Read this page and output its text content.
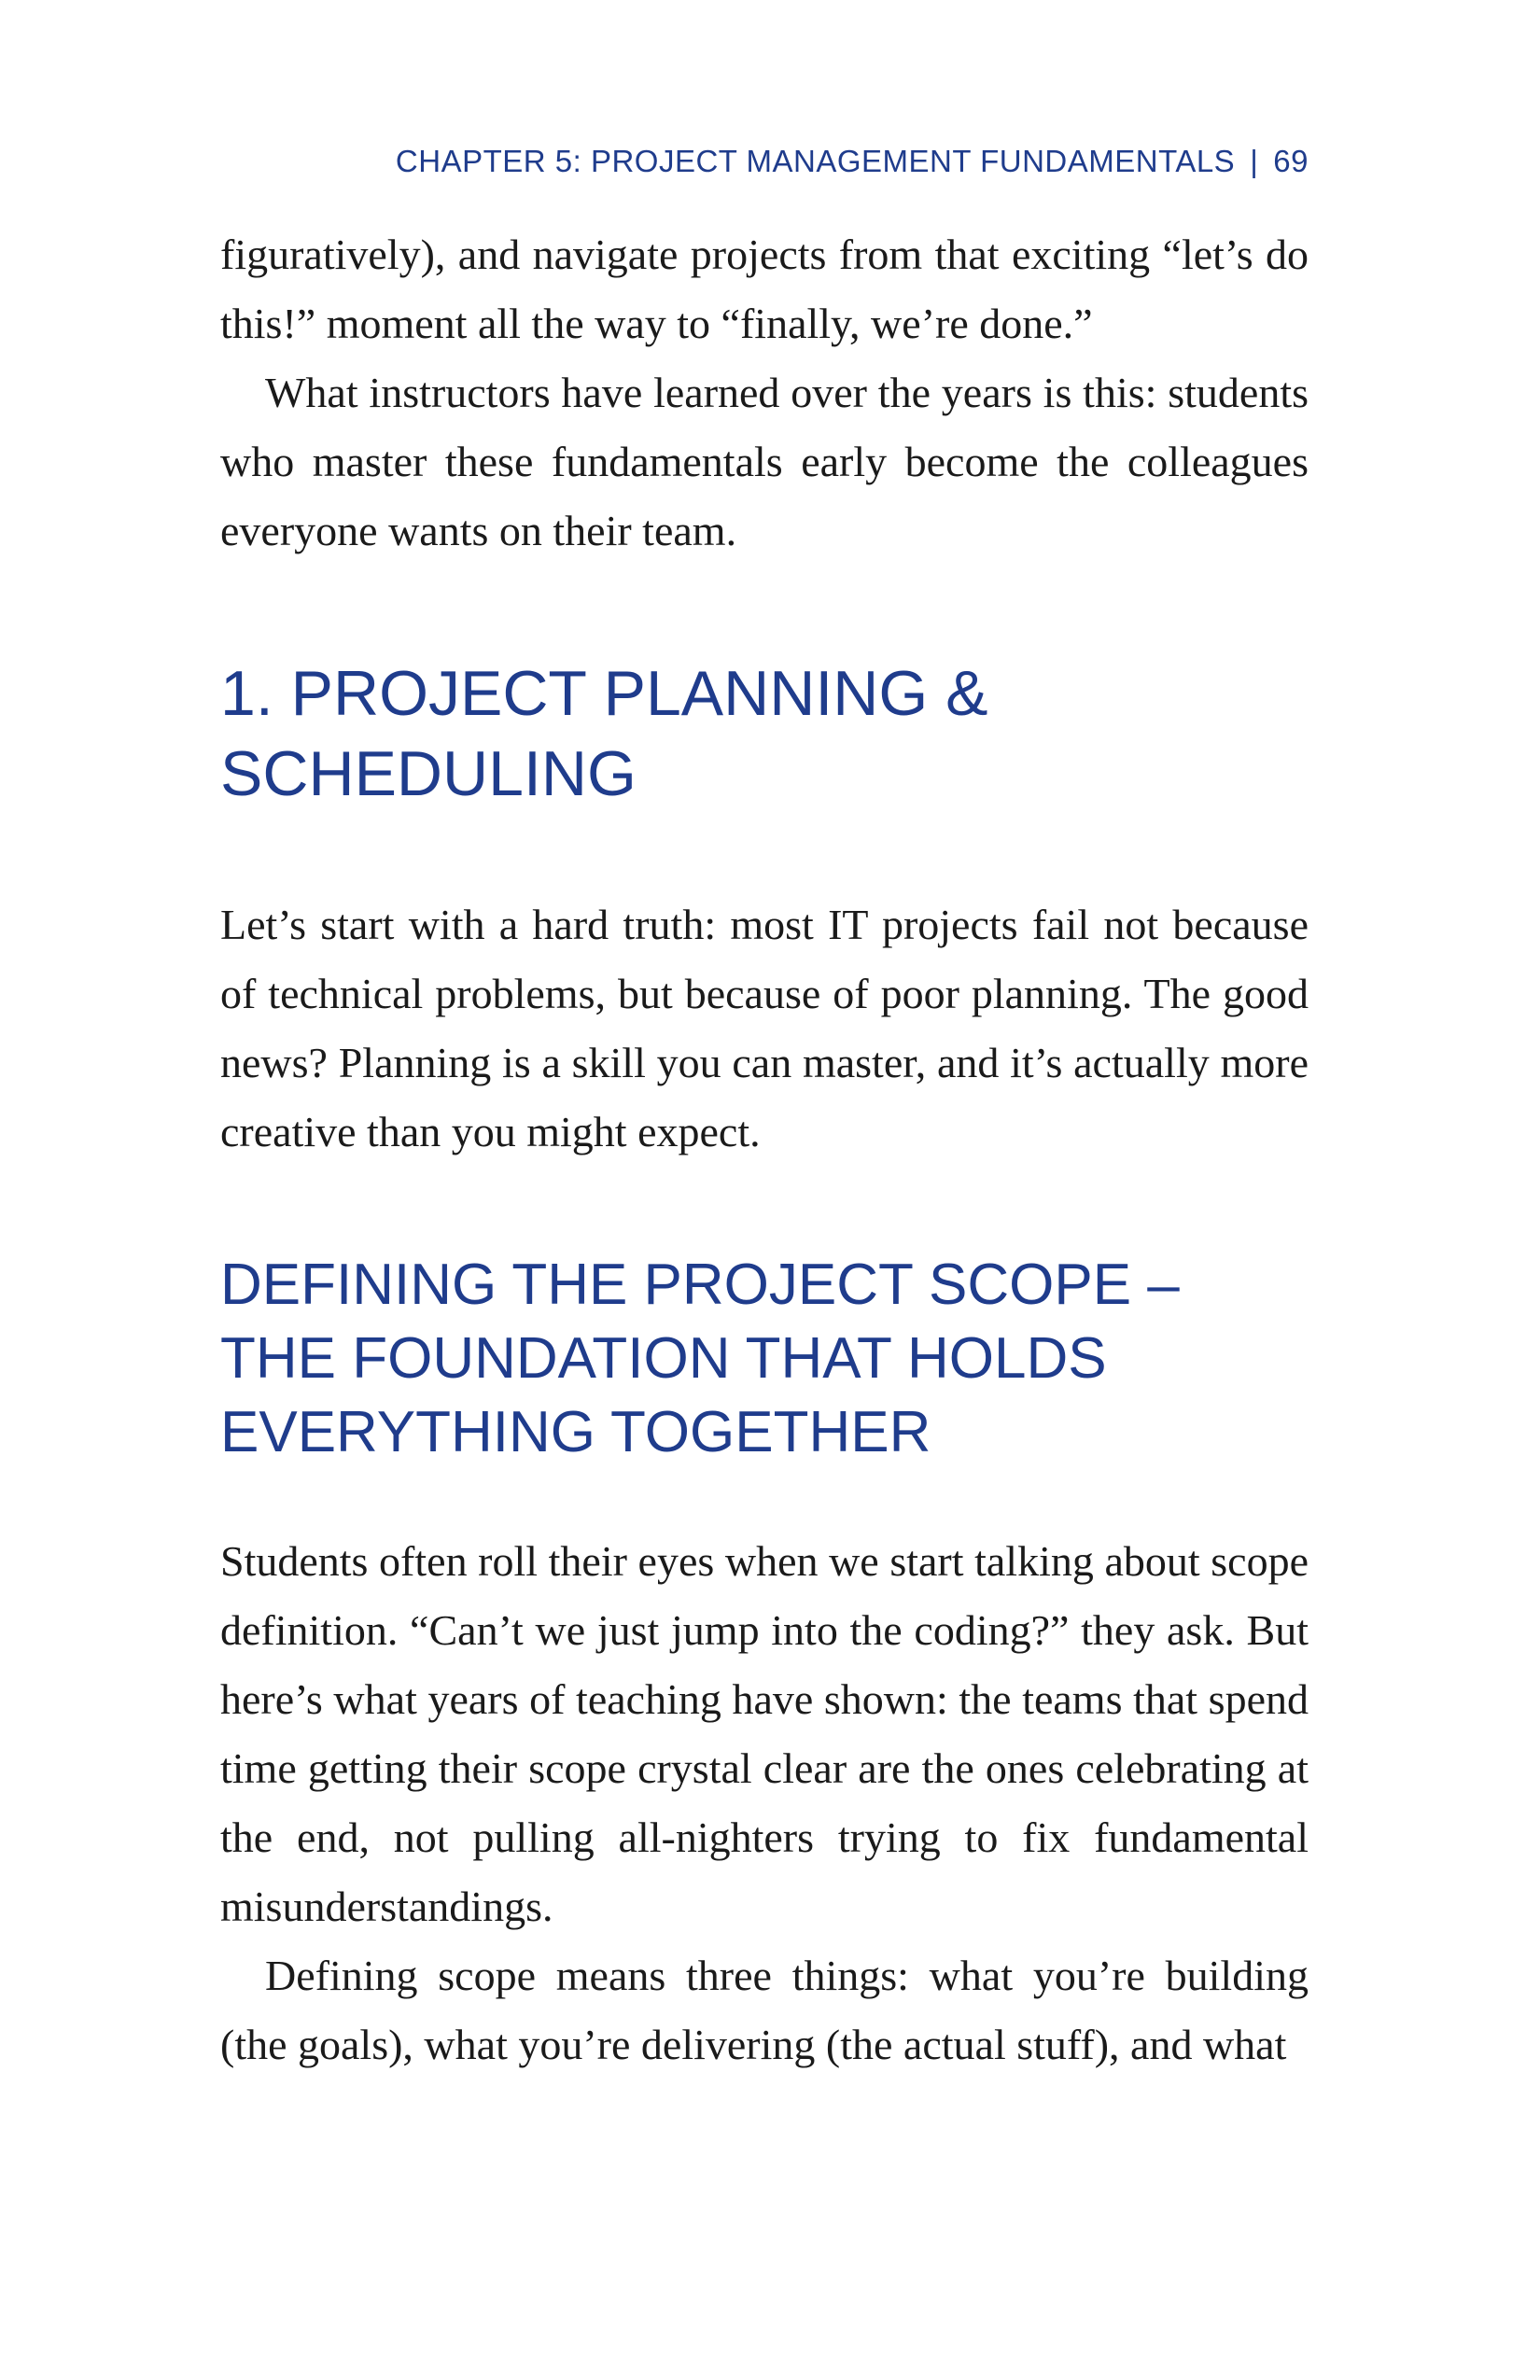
CHAPTER 5: PROJECT MANAGEMENT FUNDAMENTALS | 69

figuratively), and navigate projects from that exciting “let’s do this!” moment all the way to “finally, we’re done.”

What instructors have learned over the years is this: students who master these fundamentals early become the colleagues everyone wants on their team.

1. PROJECT PLANNING & SCHEDULING

Let’s start with a hard truth: most IT projects fail not because of technical problems, but because of poor planning. The good news? Planning is a skill you can master, and it’s actually more creative than you might expect.

DEFINING THE PROJECT SCOPE – THE FOUNDATION THAT HOLDS EVERYTHING TOGETHER

Students often roll their eyes when we start talking about scope definition. “Can’t we just jump into the coding?” they ask. But here’s what years of teaching have shown: the teams that spend time getting their scope crystal clear are the ones celebrating at the end, not pulling all-nighters trying to fix fundamental misunderstandings.

Defining scope means three things: what you’re building (the goals), what you’re delivering (the actual stuff), and what
